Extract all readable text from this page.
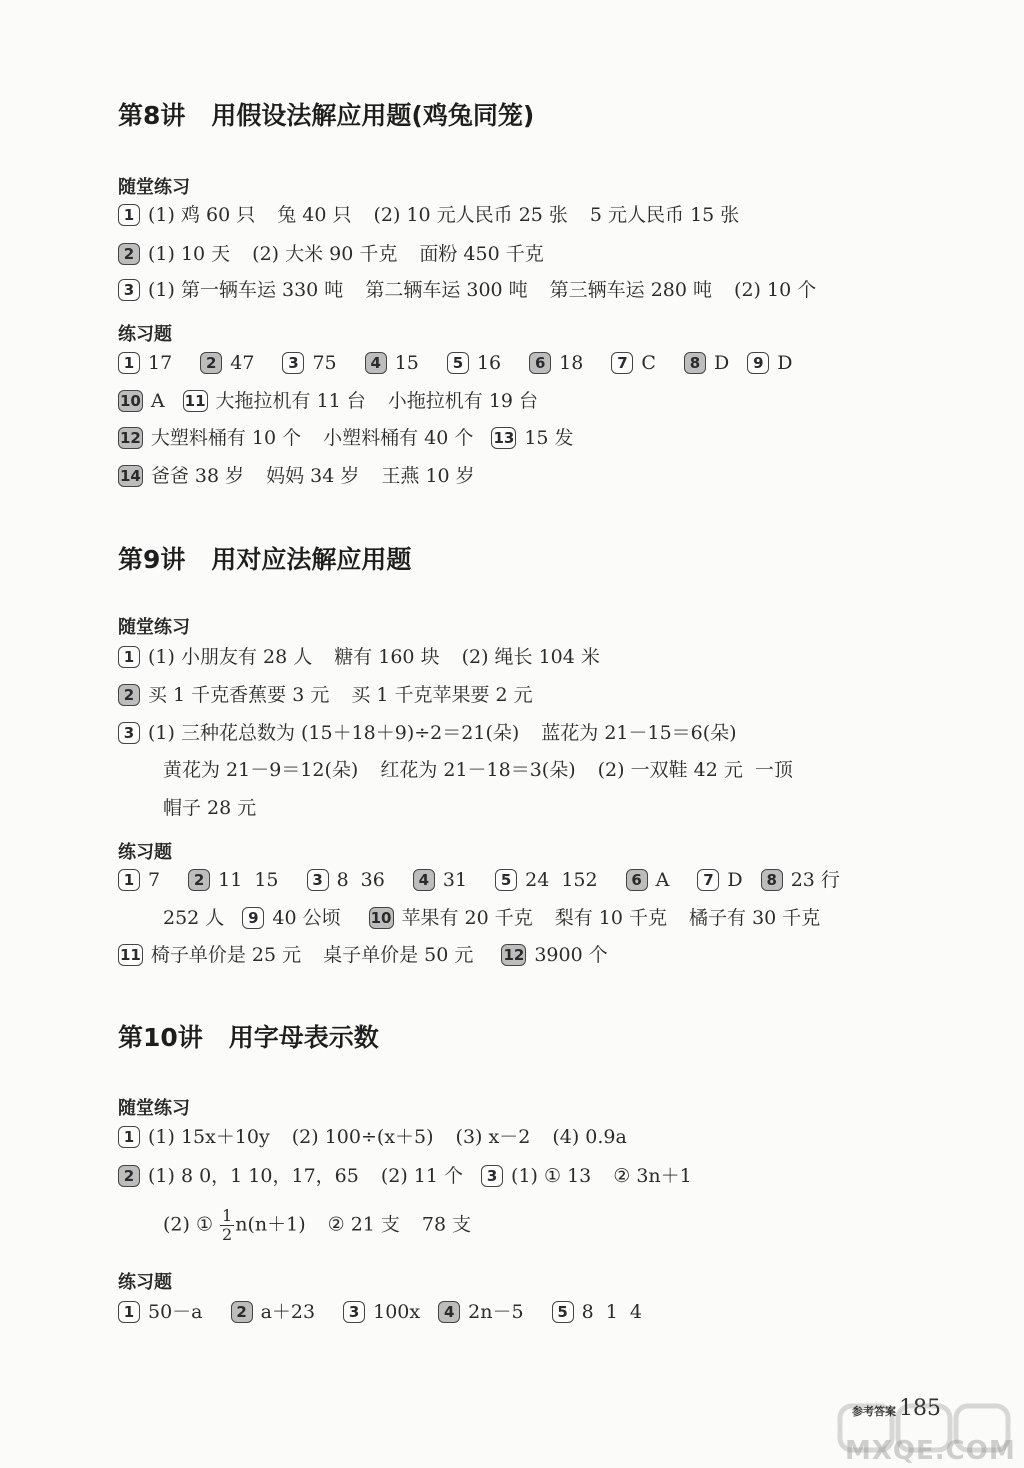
第8讲 用假设法解应用题(鸡兔同笼)
随堂练习
1 (1) 鸡 60 只 兔 40 只 (2) 10 元人民币 25 张 5 元人民币 15 张
2 (1) 10 天 (2) 大米 90 千克 面粉 450 千克
3 (1) 第一辆车运 330 吨 第二辆车运 300 吨 第三辆车运 280 吨 (2) 10 个
练习题
1 17 2 47 3 75 4 15 5 16 6 18 7 C 8 D 9 D
10 A 11 大拖拉机有 11 台 小拖拉机有 19 台
12 大塑料桶有 10 个 小塑料桶有 40 个 13 15 发
14 爸爸 38 岁 妈妈 34 岁 王燕 10 岁
第9讲 用对应法解应用题
随堂练习
1 (1) 小朋友有 28 人 糖有 160 块 (2) 绳长 104 米
2 买 1 千克香蕉要 3 元 买 1 千克苹果要 2 元
3 (1) 三种花总数为 (15＋18＋9)÷2＝21(朵) 蓝花为 21－15＝6(朵)
黄花为 21－9＝12(朵) 红花为 21－18＝3(朵) (2) 一双鞋 42 元 一顶
帽子 28 元
练习题
1 7 2 11 15 3 8 36 4 31 5 24 152 6 A 7 D 8 23 行
252 人 9 40 公顷 10 苹果有 20 千克 梨有 10 千克 橘子有 30 千克
11 椅子单价是 25 元 桌子单价是 50 元 12 3900 个
第10讲 用字母表示数
随堂练习
1 (1) 15x＋10y (2) 100÷(x＋5) (3) x－2 (4) 0.9a
2 (1) 8 0，1 10，17，65 (2) 11 个 3 (1) ① 13 ② 3n＋1
(2) ① $\frac{1}{2} n(n+1)$ ② 21 支 78 支
练习题
1 50－a 2 a＋23 3 100x 4 2n－5 5 8 1 4
参考答案 185
MXQE.COM
